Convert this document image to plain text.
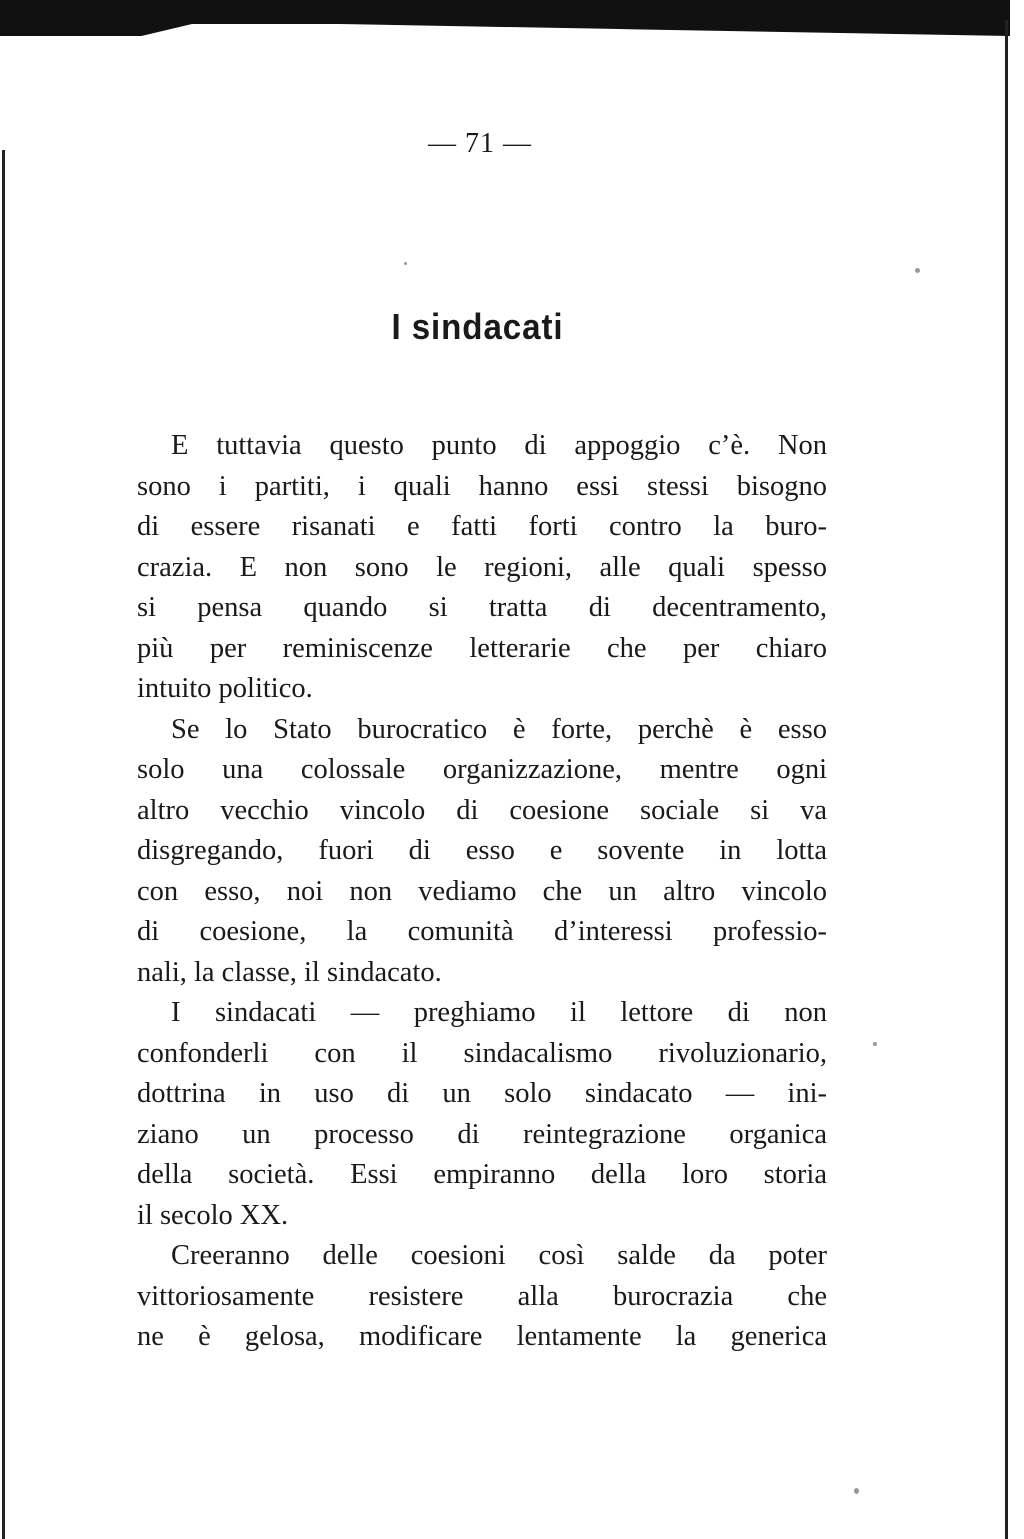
— 71 —
I sindacati
E tuttavia questo punto di appoggio c’è. Non
sono i partiti, i quali hanno essi stessi bisogno
di essere risanati e fatti forti contro la buro-
crazia. E non sono le regioni, alle quali spesso
si pensa quando si tratta di decentramento,
più per reminiscenze letterarie che per chiaro
intuito politico.
Se lo Stato burocratico è forte, perchè è esso
solo una colossale organizzazione, mentre ogni
altro vecchio vincolo di coesione sociale si va
disgregando, fuori di esso e sovente in lotta
con esso, noi non vediamo che un altro vincolo
di coesione, la comunità d’interessi professio-
nali, la classe, il sindacato.
I sindacati — preghiamo il lettore di non
confonderli con il sindacalismo rivoluzionario,
dottrina in uso di un solo sindacato — ini-
ziano un processo di reintegrazione organica
della società. Essi empiranno della loro storia
il secolo XX.
Creeranno delle coesioni così salde da poter
vittoriosamente resistere alla burocrazia che
ne è gelosa, modificare lentamente la generica
